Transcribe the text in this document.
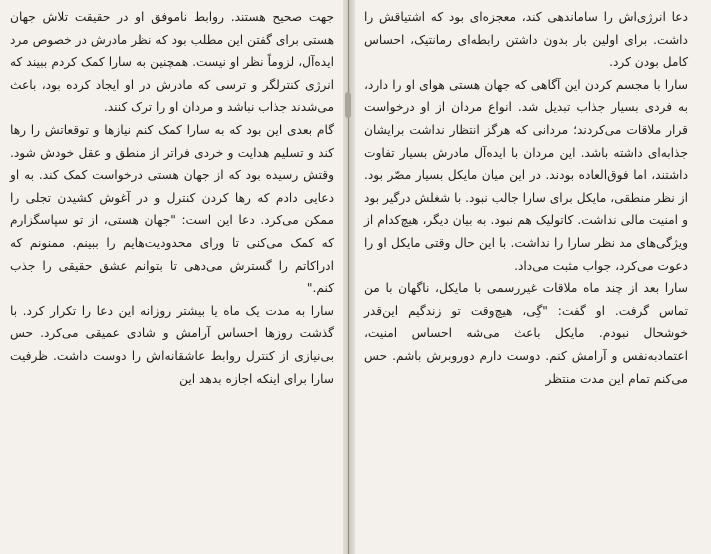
جهت صحیح هستند. روابط ناموفق او در حقیقت تلاش جهان هستی برای گفتن این مطلب بود که نظر مادرش در خصوص مرد ایده‌آل، لزوماً نظر او نیست. همچنین به سارا کمک کردم ببیند که انرژی کنترلگر و ترسی که مادرش در او ایجاد کرده بود، باعث می‌شدند جذاب نباشد و مردان او را ترک کنند.

گام بعدی این بود که به سارا کمک کنم نیازها و توقعاتش را رها کند و تسلیم هدایت و خردی فراتر از منطق و عقل خودش شود. وقتش رسیده بود که از جهان هستی درخواست کمک کند. به او دعایی دادم که رها کردن کنترل و در آغوش کشیدن تجلی را ممکن می‌کرد. دعا این است: "جهان هستی، از تو سپاسگزارم که کمک می‌کنی تا ورای محدودیت‌هایم را ببینم. ممنونم که ادراکاتم را گسترش می‌دهی تا بتوانم عشق حقیقی را جذب کنم."

سارا به مدت یک ماه یا بیشتر روزانه این دعا را تکرار کرد. با گذشت روزها احساس آرامش و شادی عمیقی می‌کرد. حس بی‌نیازی از کنترل روابط عاشقانه‌اش را دوست داشت. ظرفیت سارا برای اینکه اجازه بدهد این

دعا انرژی‌اش را ساماندهی کند، معجزه‌ای بود که اشتیاقش را داشت. برای اولین بار بدون داشتن رابطه‌ای رمانتیک، احساس کامل بودن کرد.

سارا با مجسم کردن این آگاهی که جهان هستی هوای او را دارد، به فردی بسیار جذاب تبدیل شد. انواع مردان از او درخواست قرار ملاقات می‌کردند؛ مردانی که هرگز انتظار نداشت برایشان جذابه‌ای داشته باشد. این مردان با ایده‌آل مادرش بسیار تفاوت داشتند، اما فوق‌العاده بودند. در این میان مایکل بسیار مصّر بود. از نظر منطقی، مایکل برای سارا جالب نبود. با شغلش درگیر بود و امنیت مالی نداشت. کاتولیک هم نبود. به بیان دیگر، هیچ‌کدام از ویژگی‌های مد نظر سارا را نداشت. با این حال وقتی مایکل او را دعوت می‌کرد، جواب مثبت می‌داد.

سارا بعد از چند ماه ملاقات غیررسمی با مایکل، ناگهان با من تماس گرفت. او گفت: "گِی، هیچ‌وقت تو زندگیم این‌قدر خوشحال نبودم. مایکل باعث می‌شه احساس امنیت، اعتمادبه‌نفس و آرامش کنم. دوست دارم دوروبرش باشم. حس می‌کنم تمام این مدت منتظر
